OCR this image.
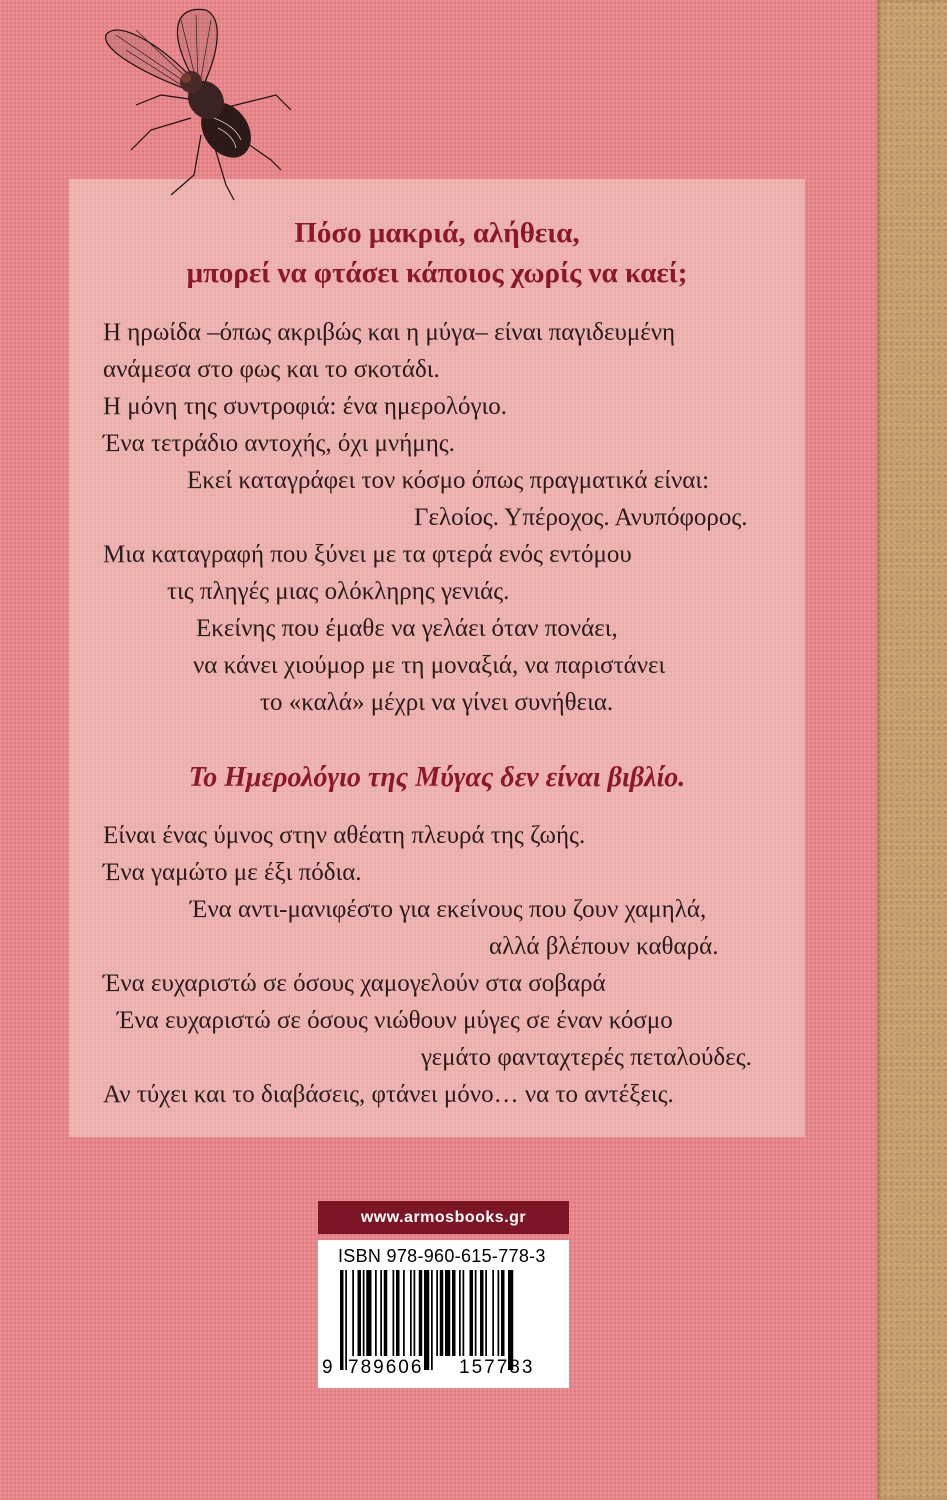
Πόσο μακριά, αλήθεια,
μπορεί να φτάσει κάποιος χωρίς να καεί;
Η ηρωίδα –όπως ακριβώς και η μύγα– είναι παγιδευμένη
ανάμεσα στο φως και το σκοτάδι.
Η μόνη της συντροφιά: ένα ημερολόγιο.
Ένα τετράδιο αντοχής, όχι μνήμης.
Εκεί καταγράφει τον κόσμο όπως πραγματικά είναι:
Γελοίος. Υπέροχος. Ανυπόφορος.
Μια καταγραφή που ξύνει με τα φτερά ενός εντόμου
τις πληγές μιας ολόκληρης γενιάς.
Εκείνης που έμαθε να γελάει όταν πονάει,
να κάνει χιούμορ με τη μοναξιά, να παριστάνει
το «καλά» μέχρι να γίνει συνήθεια.
Το Ημερολόγιο της Μύγας δεν είναι βιβλίο.
Είναι ένας ύμνος στην αθέατη πλευρά της ζωής.
Ένα γαμώτο με έξι πόδια.
Ένα αντι-μανιφέστο για εκείνους που ζουν χαμηλά,
αλλά βλέπουν καθαρά.
Ένα ευχαριστώ σε όσους χαμογελούν στα σοβαρά
Ένα ευχαριστώ σε όσους νιώθουν μύγες σε έναν κόσμο
γεμάτο φανταχτερές πεταλούδες.
Αν τύχει και το διαβάσεις, φτάνει μόνο… να το αντέξεις.
www.armosbooks.gr
ISBN 978-960-615-778-3
9 789606 157783
